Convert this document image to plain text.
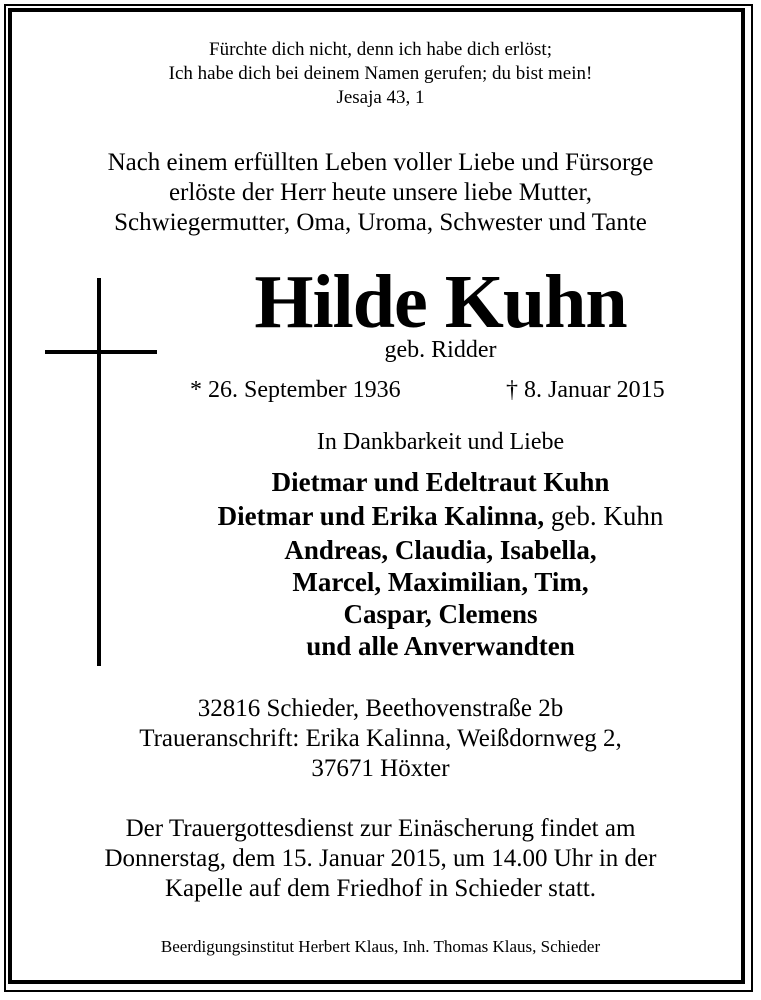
Fürchte dich nicht, denn ich habe dich erlöst;
Ich habe dich bei deinem Namen gerufen; du bist mein!
Jesaja 43, 1
Nach einem erfüllten Leben voller Liebe und Fürsorge
erlöste der Herr heute unsere liebe Mutter,
Schwiegermutter, Oma, Uroma, Schwester und Tante
Hilde Kuhn
geb. Ridder
* 26. September 1936	† 8. Januar 2015
In Dankbarkeit und Liebe
Dietmar und Edeltraut Kuhn
Dietmar und Erika Kalinna, geb. Kuhn
Andreas, Claudia, Isabella,
Marcel, Maximilian, Tim,
Caspar, Clemens
und alle Anverwandten
32816 Schieder, Beethovenstraße 2b
Traueranschrift: Erika Kalinna, Weißdornweg 2,
37671 Höxter
Der Trauergottesdienst zur Einäscherung findet am
Donnerstag, dem 15. Januar 2015, um 14.00 Uhr in der
Kapelle auf dem Friedhof in Schieder statt.
Beerdigungsinstitut Herbert Klaus, Inh. Thomas Klaus, Schieder
